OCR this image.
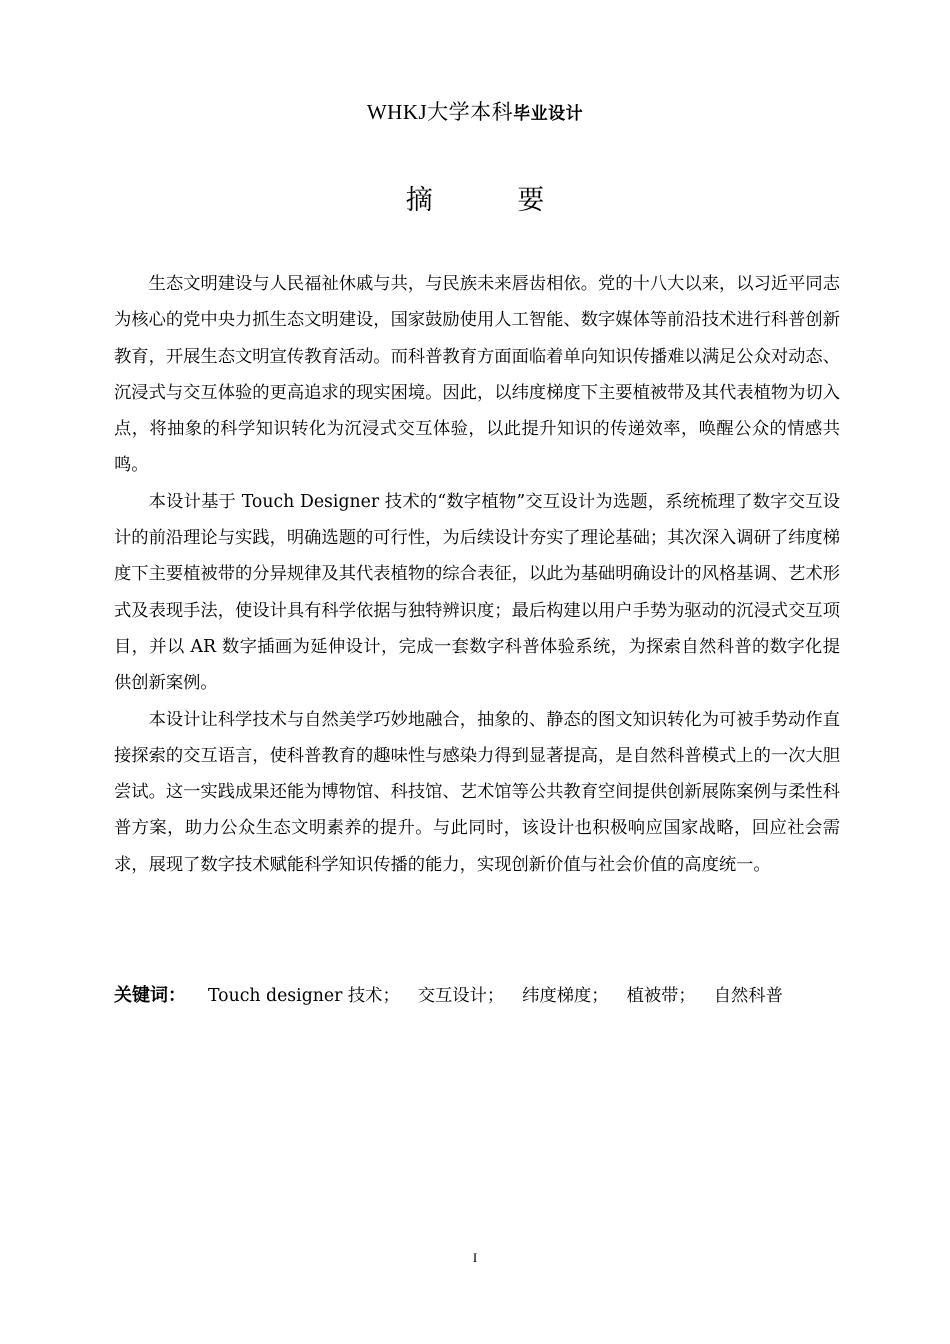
WHKJ大学本科毕业设计
摘 要

生态文明建设与人民福祉休戚与共，与民族未来唇齿相依。党的十八大以来，以习近平同志为核心的党中央力抓生态文明建设，国家鼓励使用人工智能、数字媒体等前沿技术进行科普创新教育，开展生态文明宣传教育活动。而科普教育方面面临着单向知识传播难以满足公众对动态、沉浸式与交互体验的更高追求的现实困境。因此，以纬度梯度下主要植被带及其代表植物为切入点，将抽象的科学知识转化为沉浸式交互体验，以此提升知识的传递效率，唤醒公众的情感共鸣。

本设计基于 Touch Designer 技术的“数字植物”交互设计为选题，系统梳理了数字交互设计的前沿理论与实践，明确选题的可行性，为后续设计夯实了理论基础；其次深入调研了纬度梯度下主要植被带的分异规律及其代表植物的综合表征，以此为基础明确设计的风格基调、艺术形式及表现手法，使设计具有科学依据与独特辨识度；最后构建以用户手势为驱动的沉浸式交互项目，并以 AR 数字插画为延伸设计，完成一套数字科普体验系统，为探索自然科普的数字化提供创新案例。

本设计让科学技术与自然美学巧妙地融合，抽象的、静态的图文知识转化为可被手势动作直接探索的交互语言，使科普教育的趣味性与感染力得到显著提高，是自然科普模式上的一次大胆尝试。这一实践成果还能为博物馆、科技馆、艺术馆等公共教育空间提供创新展陈案例与柔性科普方案，助力公众生态文明素养的提升。与此同时，该设计也积极响应国家战略，回应社会需求，展现了数字技术赋能科学知识传播的能力，实现创新价值与社会价值的高度统一。

关键词： Touch designer 技术； 交互设计； 纬度梯度； 植被带； 自然科普
I
